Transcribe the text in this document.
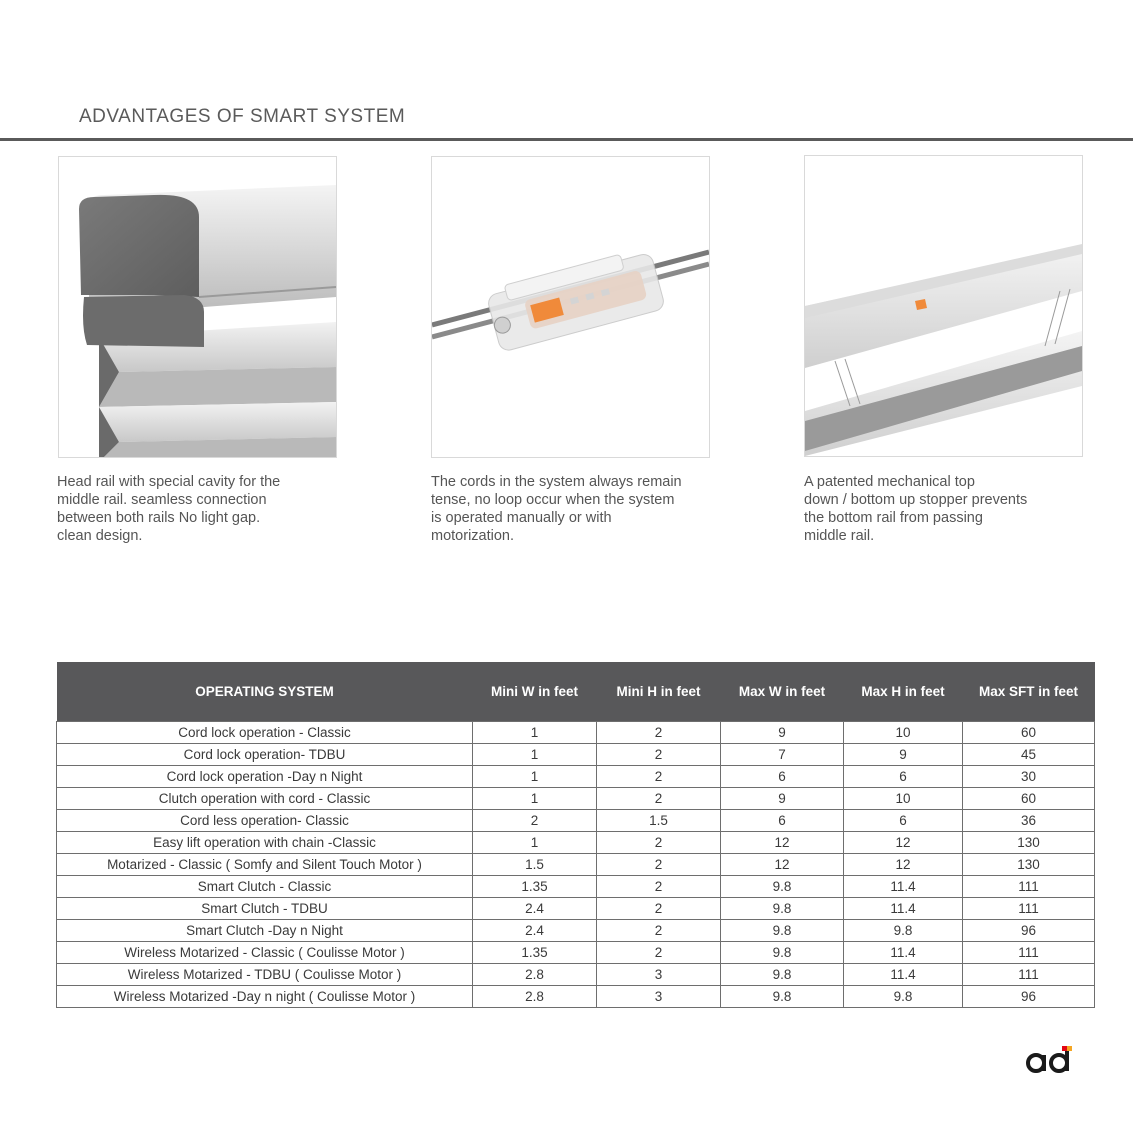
ADVANTAGES OF SMART SYSTEM
Head rail with special cavity for the
middle rail. seamless connection
between both rails No light gap.
clean design.
The cords in the system always remain
tense, no loop occur when the system
is operated manually or with
motorization.
A patented mechanical top
down / bottom up stopper prevents
the bottom rail from passing
middle rail.
OPERATING SYSTEM	Mini W in feet	Mini H in feet	Max W in feet	Max H in feet	Max SFT in feet
Cord lock operation - Classic	1	2	9	10	60
Cord lock operation- TDBU	1	2	7	9	45
Cord lock operation -Day n Night	1	2	6	6	30
Clutch operation with cord - Classic	1	2	9	10	60
Cord less operation- Classic	2	1.5	6	6	36
Easy lift operation with chain -Classic	1	2	12	12	130
Motarized - Classic ( Somfy and Silent Touch Motor )	1.5	2	12	12	130
Smart Clutch - Classic	1.35	2	9.8	11.4	111
Smart Clutch - TDBU	2.4	2	9.8	11.4	111
Smart Clutch -Day n Night	2.4	2	9.8	9.8	96
Wireless Motarized - Classic ( Coulisse Motor )	1.35	2	9.8	11.4	111
Wireless Motarized - TDBU ( Coulisse Motor )	2.8	3	9.8	11.4	111
Wireless Motarized -Day n night ( Coulisse Motor )	2.8	3	9.8	9.8	96
